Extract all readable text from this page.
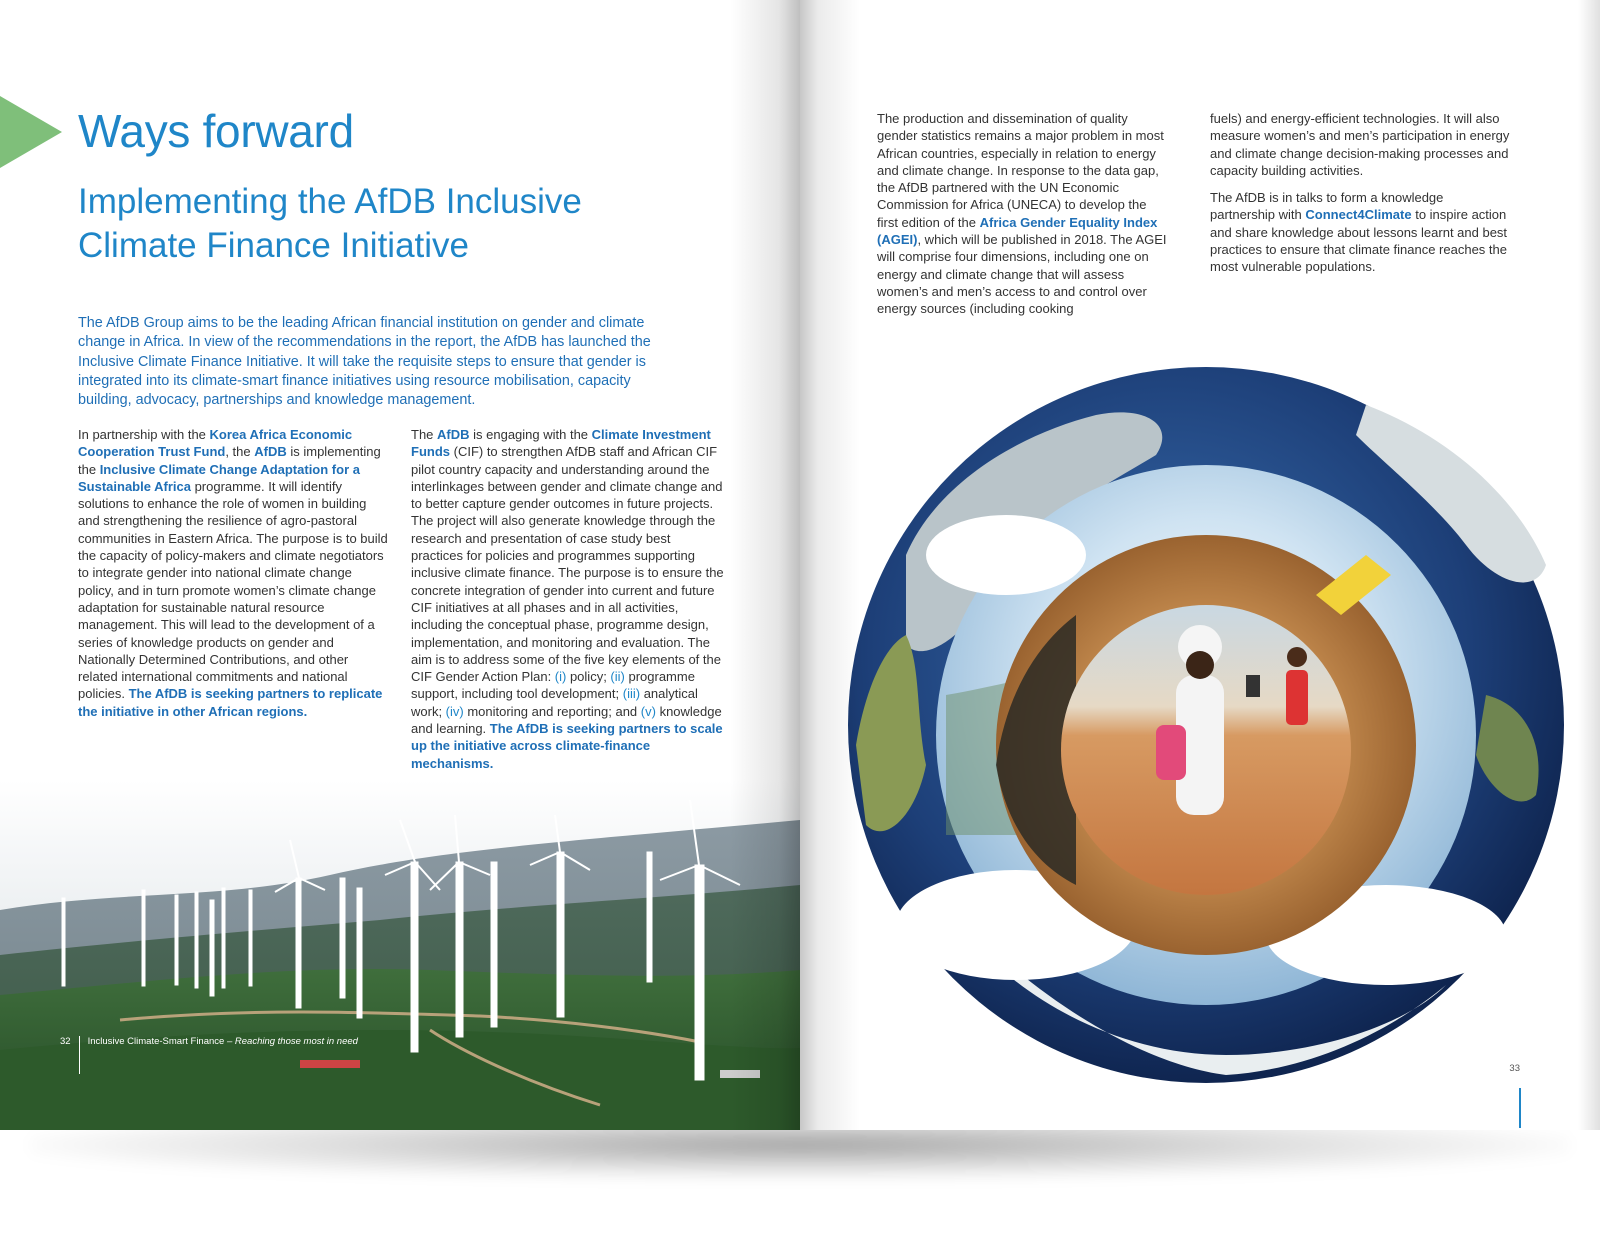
Ways forward
Implementing the AfDB Inclusive
Climate Finance Initiative

The AfDB Group aims to be the leading African financial institution on gender and climate change in Africa. In view of the recommendations in the report, the AfDB has launched the Inclusive Climate Finance Initiative. It will take the requisite steps to ensure that gender is integrated into its climate-smart finance initiatives using resource mobilisation, capacity building, advocacy, partnerships and knowledge management.

In partnership with the Korea Africa Economic Cooperation Trust Fund, the AfDB is implementing the Inclusive Climate Change Adaptation for a Sustainable Africa programme. It will identify solutions to enhance the role of women in building and strengthening the resilience of agro-pastoral communities in Eastern Africa. The purpose is to build the capacity of policy-makers and climate negotiators to integrate gender into national climate change policy, and in turn promote women’s climate change adaptation for sustainable natural resource management. This will lead to the development of a series of knowledge products on gender and Nationally Determined Contributions, and other related international commitments and national policies. The AfDB is seeking partners to replicate the initiative in other African regions.

The AfDB is engaging with the Climate Investment Funds (CIF) to strengthen AfDB staff and African CIF pilot country capacity and understanding around the interlinkages between gender and climate change and to better capture gender outcomes in future projects. The project will also generate knowledge through the research and presentation of case study best practices for policies and programmes supporting inclusive climate finance. The purpose is to ensure the concrete integration of gender into current and future CIF initiatives at all phases and in all activities, including the conceptual phase, programme design, implementation, and monitoring and evaluation. The aim is to address some of the five key elements of the CIF Gender Action Plan: (i) policy; (ii) programme support, including tool development; (iii) analytical work; (iv) monitoring and reporting; and (v) knowledge and learning. The AfDB is seeking partners to scale up the initiative across climate-finance mechanisms.

32 Inclusive Climate-Smart Finance – Reaching those most in need

The production and dissemination of quality gender statistics remains a major problem in most African countries, especially in relation to energy and climate change. In response to the data gap, the AfDB partnered with the UN Economic Commission for Africa (UNECA) to develop the first edition of the Africa Gender Equality Index (AGEI), which will be published in 2018. The AGEI will comprise four dimensions, including one on energy and climate change that will assess women’s and men’s access to and control over energy sources (including cooking

fuels) and energy-efficient technologies. It will also measure women’s and men’s participation in energy and climate change decision-making processes and capacity building activities.

The AfDB is in talks to form a knowledge partnership with Connect4Climate to inspire action and share knowledge about lessons learnt and best practices to ensure that climate finance reaches the most vulnerable populations.

33
